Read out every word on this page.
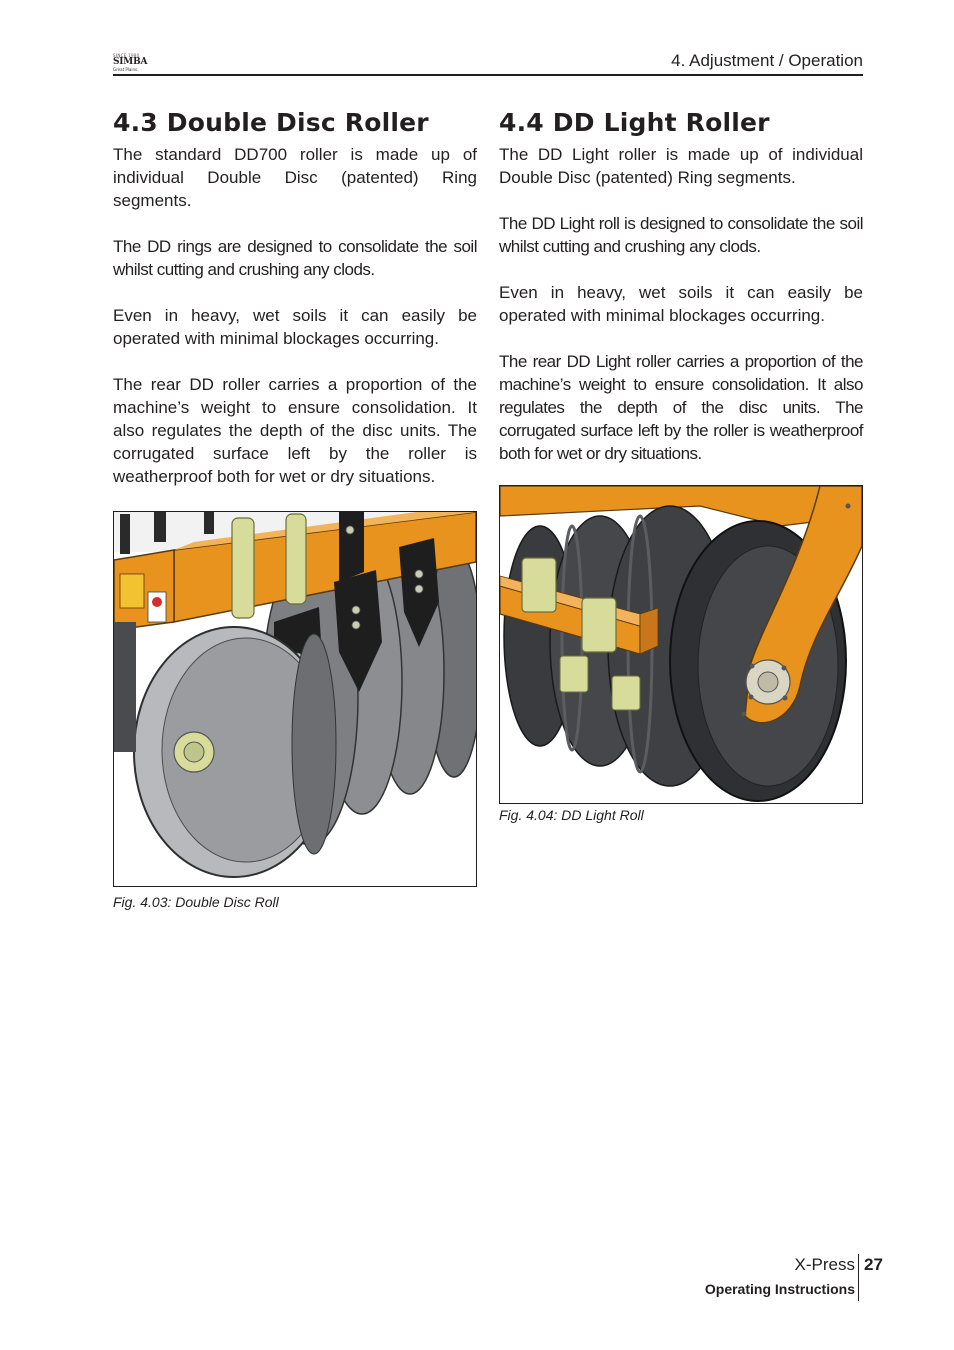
SINCE 1980
SIMBA
Great Plains	4. Adjustment / Operation
4.3 Double Disc Roller

The standard DD700 roller is made up of individual Double Disc (patented) Ring segments.

The DD rings are designed to consolidate the soil whilst cutting and crushing any clods.

Even in heavy, wet soils it can easily be operated with minimal blockages occurring.

The rear DD roller carries a proportion of the machine’s weight to ensure consolidation. It also regulates the depth of the disc units. The corrugated surface left by the roller is weatherproof both for wet or dry situations.

4.4 DD Light Roller

The DD Light roller is made up of individual Double Disc (patented) Ring segments.

The DD Light roll is designed to consolidate the soil whilst cutting and crushing any clods.

Even in heavy, wet soils it can easily be operated with minimal blockages occurring.

The rear DD Light roller carries a proportion of the machine’s weight to ensure consolidation. It also regulates the depth of the disc units. The corrugated surface left by the roller is weatherproof both for wet or dry situations.

Fig. 4.03: Double Disc Roll
Fig. 4.04: DD Light Roll
X-Press
Operating Instructions
27
